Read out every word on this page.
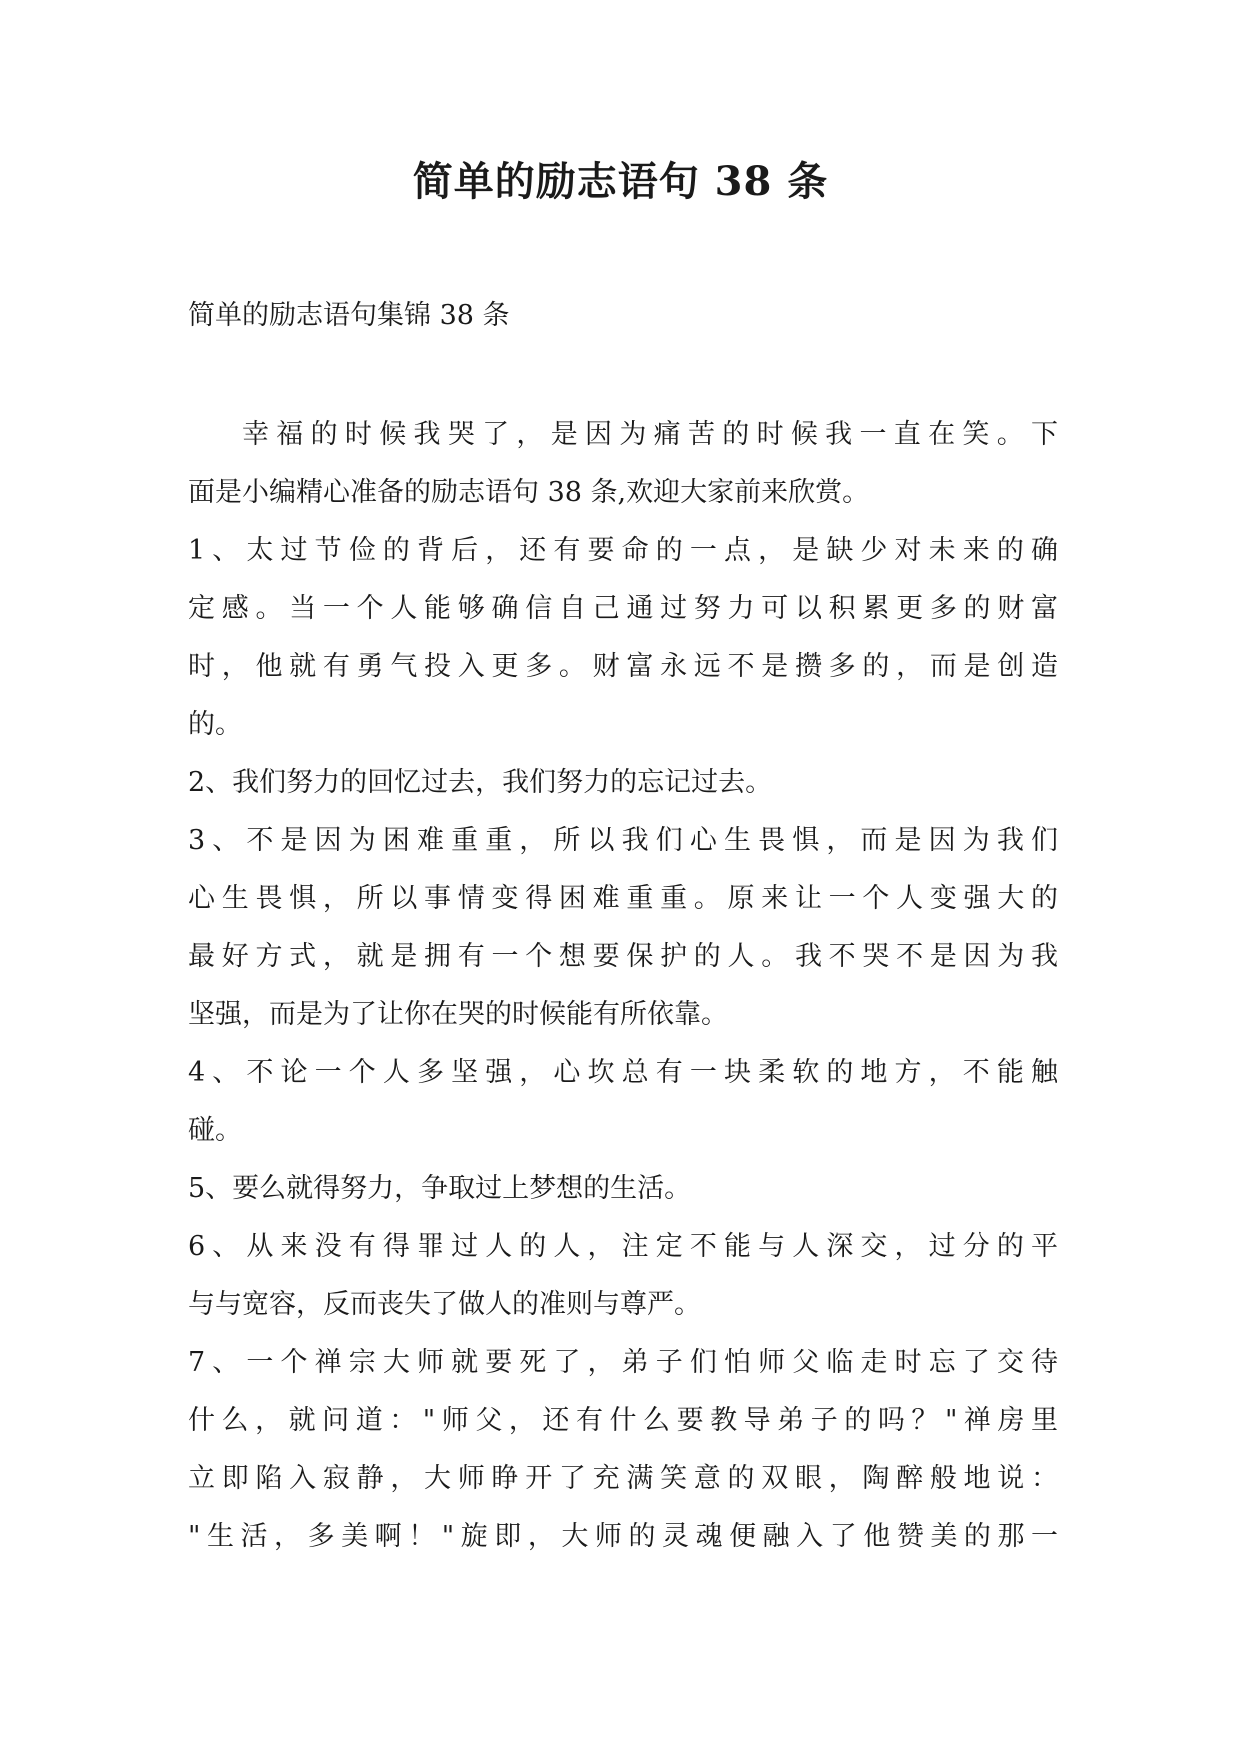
简单的励志语句 38 条

简单的励志语句集锦 38 条

幸福的时候我哭了，是因为痛苦的时候我一直在笑。下

面是小编精心准备的励志语句 38 条,欢迎大家前来欣赏。

1、太过节俭的背后，还有要命的一点，是缺少对未来的确

定感。当一个人能够确信自己通过努力可以积累更多的财富

时，他就有勇气投入更多。财富永远不是攒多的，而是创造

的。

2、我们努力的回忆过去，我们努力的忘记过去。

3、不是因为困难重重，所以我们心生畏惧，而是因为我们

心生畏惧，所以事情变得困难重重。原来让一个人变强大的

最好方式，就是拥有一个想要保护的人。我不哭不是因为我

坚强，而是为了让你在哭的时候能有所依靠。

4、不论一个人多坚强，心坎总有一块柔软的地方，不能触

碰。

5、要么就得努力，争取过上梦想的生活。

6、从来没有得罪过人的人，注定不能与人深交，过分的平

与与宽容，反而丧失了做人的准则与尊严。

7、一个禅宗大师就要死了，弟子们怕师父临走时忘了交待

什么，就问道："师父，还有什么要教导弟子的吗？"禅房里

立即陷入寂静，大师睁开了充满笑意的双眼，陶醉般地说：

"生活，多美啊！"旋即，大师的灵魂便融入了他赞美的那一
